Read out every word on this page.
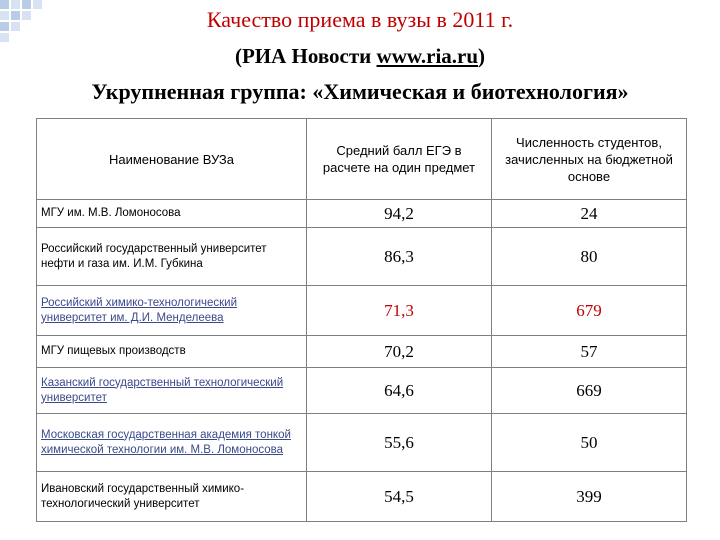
Качество приема в вузы в 2011 г.
(РИА Новости www.ria.ru)
Укрупненная группа: «Химическая и биотехнология»
Наименование ВУЗа	Средний балл ЕГЭ в расчете на один предмет	Численность студентов, зачисленных на бюджетной основе
МГУ им. М.В. Ломоносова	94,2	24
Российский государственный университет нефти и газа им. И.М. Губкина	86,3	80
Российский химико-технологический университет им. Д.И. Менделеева	71,3	679
МГУ пищевых производств	70,2	57
Казанский государственный технологический университет	64,6	669
Московская государственная академия тонкой химической технологии им. М.В. Ломоносова	55,6	50
Ивановский государственный химико-технологический университет	54,5	399
